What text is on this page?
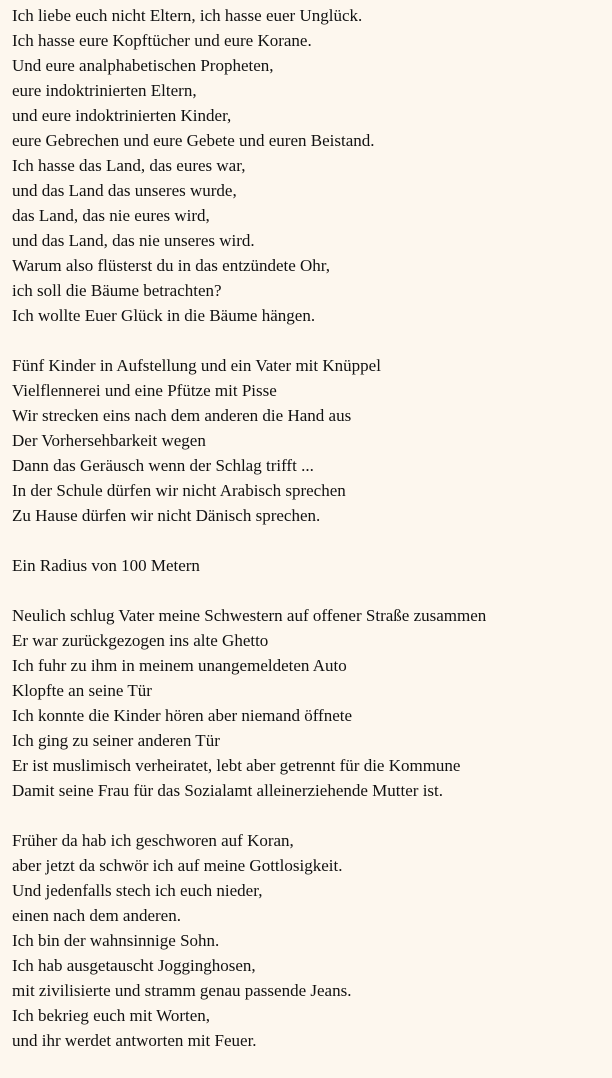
Ich liebe euch nicht Eltern, ich hasse euer Unglück.
Ich hasse eure Kopftücher und eure Korane.
Und eure analphabetischen Propheten,
eure indoktrinierten Eltern,
und eure indoktrinierten Kinder,
eure Gebrechen und eure Gebete und euren Beistand.
Ich hasse das Land, das eures war,
und das Land das unseres wurde,
das Land, das nie eures wird,
und das Land, das nie unseres wird.
Warum also flüsterst du in das entzündete Ohr,
ich soll die Bäume betrachten?
Ich wollte Euer Glück in die Bäume hängen.
Fünf Kinder in Aufstellung und ein Vater mit Knüppel
Vielflennerei und eine Pfütze mit Pisse
Wir strecken eins nach dem anderen die Hand aus
Der Vorhersehbarkeit wegen
Dann das Geräusch wenn der Schlag trifft ...
In der Schule dürfen wir nicht Arabisch sprechen
Zu Hause dürfen wir nicht Dänisch sprechen.
Ein Radius von 100 Metern
Neulich schlug Vater meine Schwestern auf offener Straße zusammen
Er war zurückgezogen ins alte Ghetto
Ich fuhr zu ihm in meinem unangemeldeten Auto
Klopfte an seine Tür
Ich konnte die Kinder hören aber niemand öffnete
Ich ging zu seiner anderen Tür
Er ist muslimisch verheiratet, lebt aber getrennt für die Kommune
Damit seine Frau für das Sozialamt alleinerziehende Mutter ist.
Früher da hab ich geschworen auf Koran,
aber jetzt da schwör ich auf meine Gottlosigkeit.
Und jedenfalls stech ich euch nieder,
einen nach dem anderen.
Ich bin der wahnsinnige Sohn.
Ich hab ausgetauscht Jogginghosen,
mit zivilisierte und stramm genau passende Jeans.
Ich bekrieg euch mit Worten,
und ihr werdet antworten mit Feuer.
